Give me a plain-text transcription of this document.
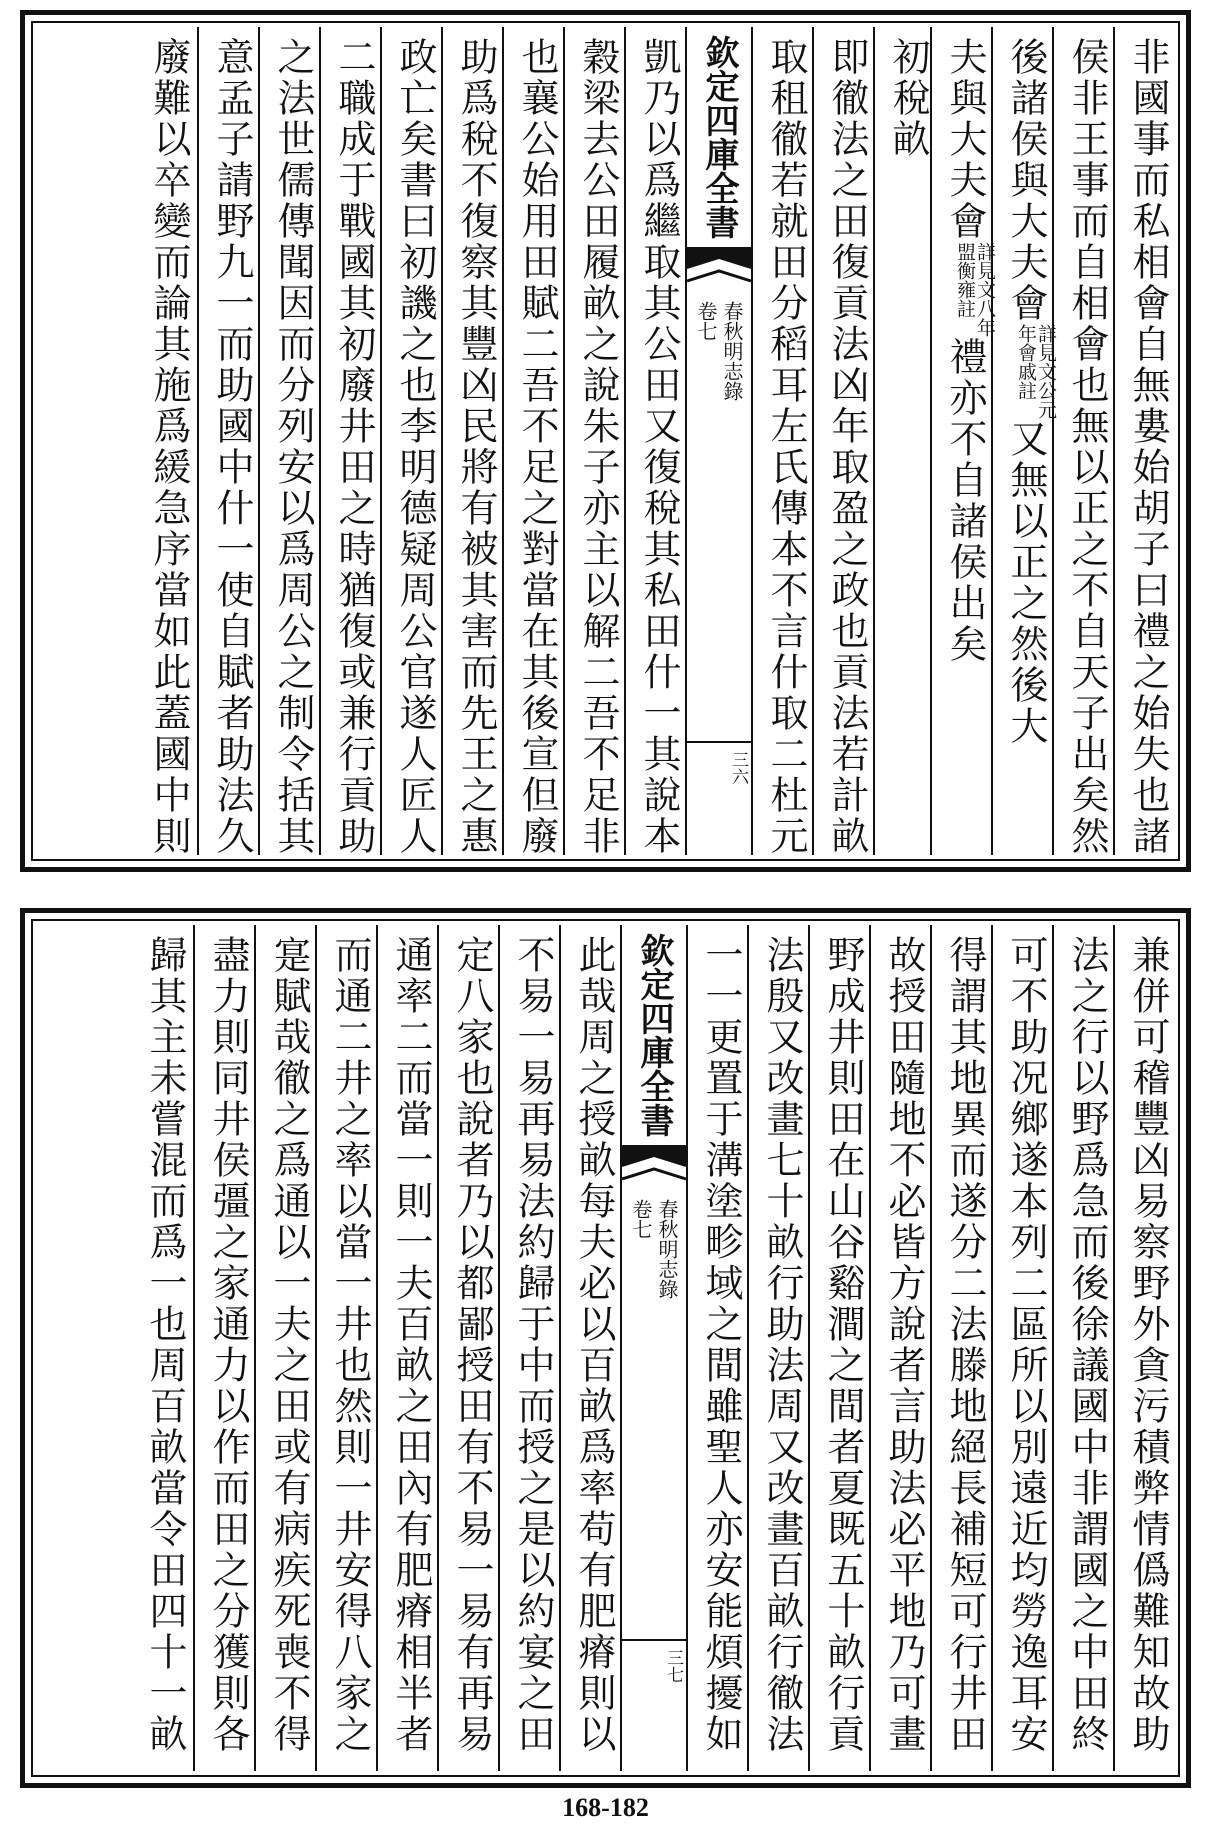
非國事而私相會自無婁始胡子曰禮之始失也諸
侯非王事而自相會也無以正之不自天子出矣然
後諸侯與大夫會
詳見文公元
年會戚註
又無以正之然後大
夫與大夫會
詳見文八年
盟衡雍註
禮亦不自諸侯出矣
初稅畝
即徹法之田復貢法凶年取盈之政也貢法若計畝
取租徹若就田分稻耳左氏傳本不言什取二杜元
欽定四庫全書
春秋明志錄
卷七
三六
凱乃以爲繼取其公田又復稅其私田什一其說本
穀梁去公田履畝之說朱子亦主以解二吾不足非
也襄公始用田賦二吾不足之對當在其後宣但廢
助爲稅不復察其豐凶民將有被其害而先王之惠
政亡矣書曰初譏之也李明德疑周公官遂人匠人
二職成于戰國其初廢井田之時猶復或兼行貢助
之法世儒傳聞因而分列安以爲周公之制令括其
意孟子請野九一而助國中什一使自賦者助法久
廢難以卒變而論其施爲緩急序當如此蓋國中則
兼併可稽豐凶易察野外貪污積弊情僞難知故助
法之行以野爲急而後徐議國中非謂國之中田終
可不助况鄉遂本列二區所以別遠近均勞逸耳安
得謂其地異而遂分二法滕地絕長補短可行井田
故授田隨地不必皆方說者言助法必平地乃可畫
野成井則田在山谷谿澗之間者夏既五十畝行貢
法殷又改畫七十畝行助法周又改畫百畝行徹法
一一更置于溝塗畛域之間雖聖人亦安能煩擾如
欽定四庫全書
春秋明志錄
卷七
三七
此哉周之授畝每夫必以百畝爲率苟有肥瘠則以
不易一易再易法約歸于中而授之是以約宴之田
定八家也說者乃以都鄙授田有不易一易有再易
通率二而當一則一夫百畝之田內有肥瘠相半者
而通二井之率以當一井也然則一井安得八家之
寔賦哉徹之爲通以一夫之田或有病疾死喪不得
盡力則同井侯彊之家通力以作而田之分獲則各
歸其主未嘗混而爲一也周百畝當令田四十一畝
168-182
